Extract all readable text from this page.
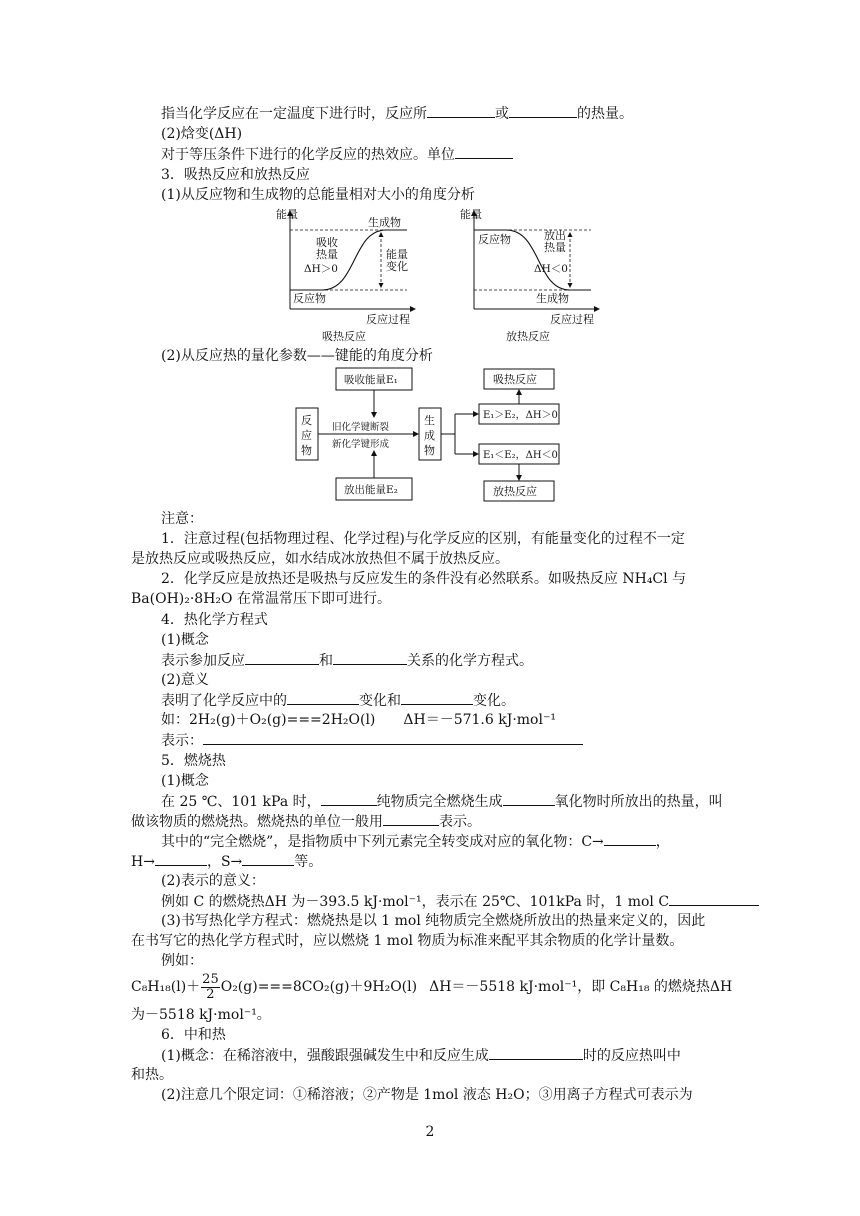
指当化学反应在一定温度下进行时，反应所	或	的热量。
(2)焓变(ΔH)
对于等压条件下进行的化学反应的热效应。单位
3．吸热反应和放热反应
(1)从反应物和生成物的总能量相对大小的角度分析
能量
生成物
吸收
热量
ΔH＞0
能量
变化
反应物
反应过程
吸热反应
能量
反应物	放出
热量
ΔH＜0
生成物
反应过程
放热反应
(2)从反应热的量化参数——键能的角度分析
吸收能量E₁
反
应
物
旧化学键断裂
新化学键形成
放出能量E₂
生
成
物
E₁＞E₂，ΔH＞0
E₁＜E₂，ΔH＜0
吸热反应
放热反应
注意：
1．注意过程(包括物理过程、化学过程)与化学反应的区别，有能量变化的过程不一定
是放热反应或吸热反应，如水结成冰放热但不属于放热反应。
2．化学反应是放热还是吸热与反应发生的条件没有必然联系。如吸热反应 NH₄Cl 与
Ba(OH)₂·8H₂O 在常温常压下即可进行。
4．热化学方程式
(1)概念
表示参加反应	和	关系的化学方程式。
(2)意义
表明了化学反应中的	变化和	变化。
如：2H₂(g)＋O₂(g)===2H₂O(l) ΔH＝－571.6 kJ·mol⁻¹
表示：
5．燃烧热
(1)概念
在 25 ℃、101 kPa 时，	纯物质完全燃烧生成	氧化物时所放出的热量，叫
做该物质的燃烧热。燃烧热的单位一般用	表示。
其中的“完全燃烧”，是指物质中下列元素完全转变成对应的氧化物：C→	，
H→	，S→	等。
(2)表示的意义：
例如 C 的燃烧热ΔH 为－393.5 kJ·mol⁻¹，表示在 25℃、101kPa 时，1 mol C
(3)书写热化学方程式：燃烧热是以 1 mol 纯物质完全燃烧所放出的热量来定义的，因此
在书写它的热化学方程式时，应以燃烧 1 mol 物质为标准来配平其余物质的化学计量数。
例如：
$C_8H_{18}(l)+ \frac{25}{2} O_2(g)===8CO_2(g)+9H_2O(l)$ ΔH＝－5518 kJ·mol⁻¹，即 C₈H₁₈ 的燃烧热ΔH
为－5518 kJ·mol⁻¹。
6．中和热
(1)概念：在稀溶液中，强酸跟强碱发生中和反应生成	时的反应热叫中
和热。
(2)注意几个限定词：①稀溶液；②产物是 1mol 液态 H₂O；③用离子方程式可表示为
2
